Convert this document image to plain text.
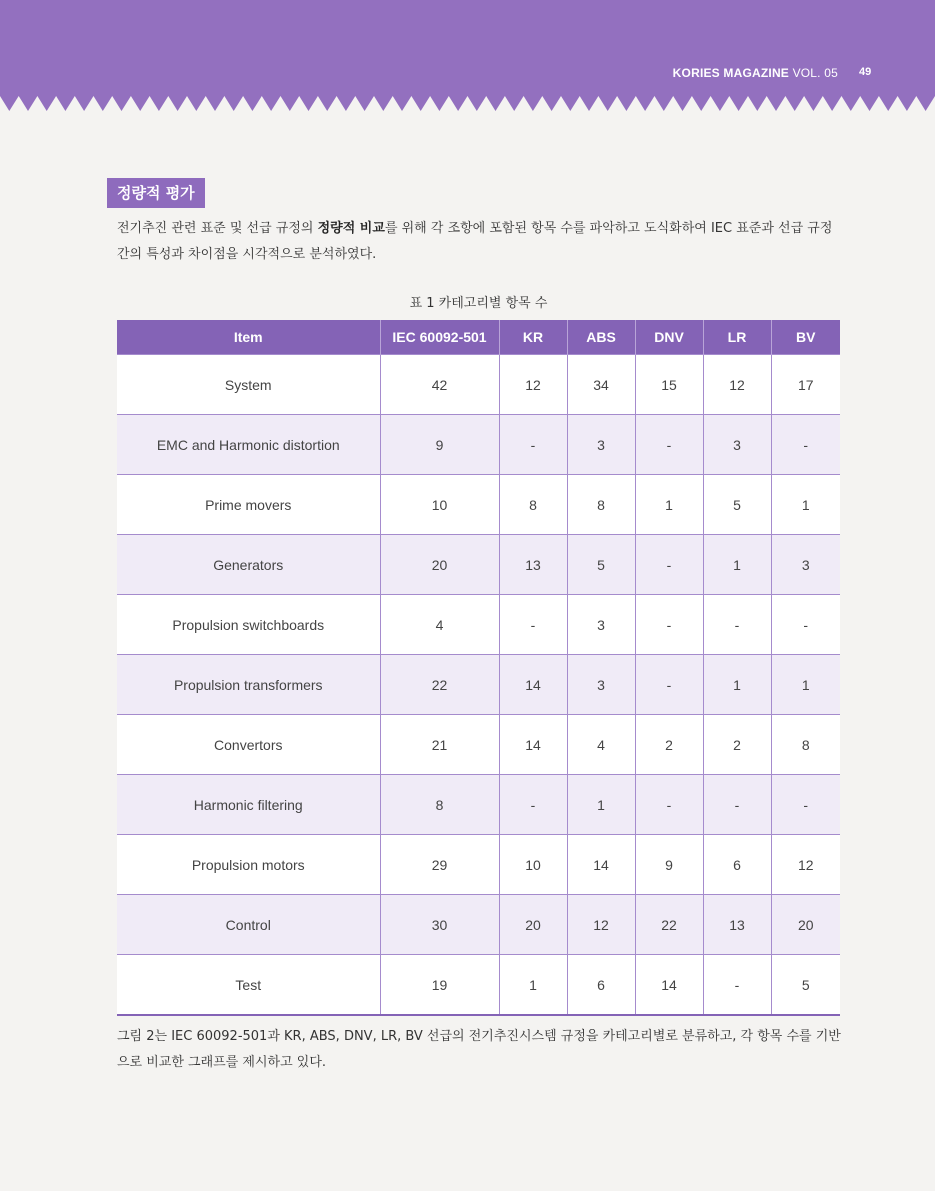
KORIES MAGAZINE VOL. 05 49
정량적 평가

전기추진 관련 표준 및 선급 규정의 정량적 비교를 위해 각 조항에 포함된 항목 수를 파악하고 도식화하여 IEC 표준과 선급 규정 간의 특성과 차이점을 시각적으로 분석하였다.

표 1 카테고리별 항목 수
Item	IEC 60092-501	KR	ABS	DNV	LR	BV
System	42	12	34	15	12	17
EMC and Harmonic distortion	9	-	3	-	3	-
Prime movers	10	8	8	1	5	1
Generators	20	13	5	-	1	3
Propulsion switchboards	4	-	3	-	-	-
Propulsion transformers	22	14	3	-	1	1
Convertors	21	14	4	2	2	8
Harmonic filtering	8	-	1	-	-	-
Propulsion motors	29	10	14	9	6	12
Control	30	20	12	22	13	20
Test	19	1	6	14	-	5

그림 2는 IEC 60092-501과 KR, ABS, DNV, LR, BV 선급의 전기추진시스템 규정을 카테고리별로 분류하고, 각 항목 수를 기반으로 비교한 그래프를 제시하고 있다.
